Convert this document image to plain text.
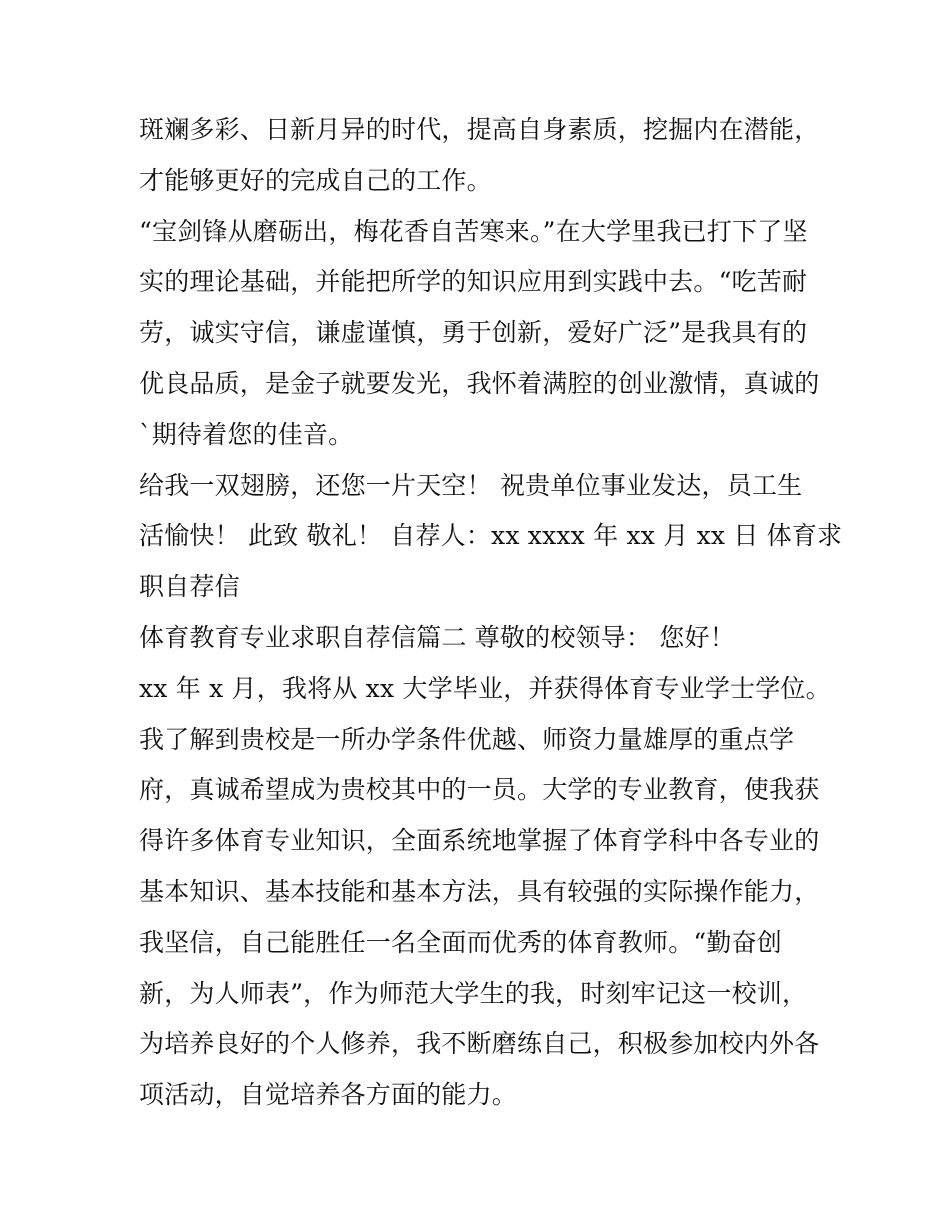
斑斓多彩、日新月异的时代，提高自身素质，挖掘内在潜能，
才能够更好的完成自己的工作。
“宝剑锋从磨砺出，梅花香自苦寒来。”在大学里我已打下了坚
实的理论基础，并能把所学的知识应用到实践中去。“吃苦耐
劳，诚实守信，谦虚谨慎，勇于创新，爱好广泛”是我具有的
优良品质，是金子就要发光，我怀着满腔的创业激情，真诚的
`期待着您的佳音。
给我一双翅膀，还您一片天空！ 祝贵单位事业发达，员工生
活愉快！ 此致 敬礼！ 自荐人：xx xxxx 年 xx 月 xx 日 体育求
职自荐信
体育教育专业求职自荐信篇二 尊敬的校领导： 您好！
xx 年 x 月，我将从 xx 大学毕业，并获得体育专业学士学位。
我了解到贵校是一所办学条件优越、师资力量雄厚的重点学
府，真诚希望成为贵校其中的一员。大学的专业教育，使我获
得许多体育专业知识，全面系统地掌握了体育学科中各专业的
基本知识、基本技能和基本方法，具有较强的实际操作能力，
我坚信，自己能胜任一名全面而优秀的体育教师。“勤奋创
新，为人师表”，作为师范大学生的我，时刻牢记这一校训，
为培养良好的个人修养，我不断磨练自己，积极参加校内外各
项活动，自觉培养各方面的能力。
